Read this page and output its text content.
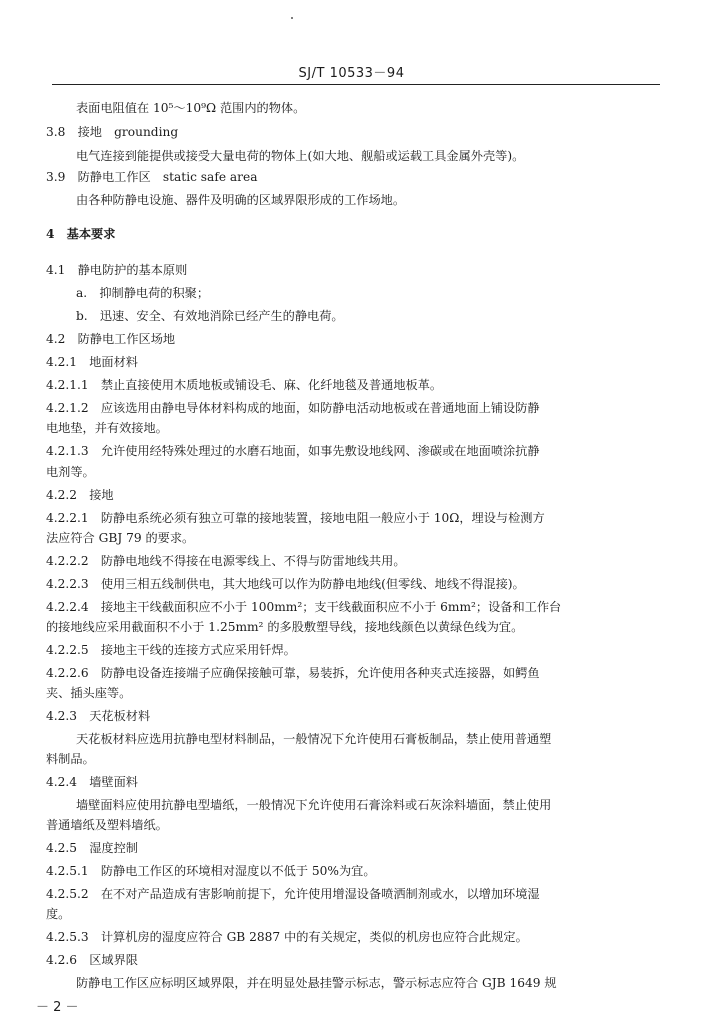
SJ/T 10533－94
表面电阻值在 10⁵～10⁹Ω 范围内的物体。
3.8　接地　grounding
电气连接到能提供或接受大量电荷的物体上(如大地、舰船或运载工具金属外壳等)。
3.9　防静电工作区　static safe area
由各种防静电设施、器件及明确的区域界限形成的工作场地。
4　基本要求
4.1　静电防护的基本原则
a.　抑制静电荷的积聚；
b.　迅速、安全、有效地消除已经产生的静电荷。
4.2　防静电工作区场地
4.2.1　地面材料
4.2.1.1　禁止直接使用木质地板或铺设毛、麻、化纤地毯及普通地板革。
4.2.1.2　应该选用由静电导体材料构成的地面，如防静电活动地板或在普通地面上铺设防静
电地垫，并有效接地。
4.2.1.3　允许使用经特殊处理过的水磨石地面，如事先敷设地线网、渗碳或在地面喷涂抗静
电剂等。
4.2.2　接地
4.2.2.1　防静电系统必须有独立可靠的接地装置，接地电阻一般应小于 10Ω，埋设与检测方
法应符合 GBJ 79 的要求。
4.2.2.2　防静电地线不得接在电源零线上、不得与防雷地线共用。
4.2.2.3　使用三相五线制供电，其大地线可以作为防静电地线(但零线、地线不得混接)。
4.2.2.4　接地主干线截面积应不小于 100mm²；支干线截面积应不小于 6mm²；设备和工作台
的接地线应采用截面积不小于 1.25mm² 的多股敷塑导线，接地线颜色以黄绿色线为宜。
4.2.2.5　接地主干线的连接方式应采用钎焊。
4.2.2.6　防静电设备连接端子应确保接触可靠，易装拆，允许使用各种夹式连接器，如鳄鱼
夹、插头座等。
4.2.3　天花板材料
天花板材料应选用抗静电型材料制品，一般情况下允许使用石膏板制品，禁止使用普通塑
料制品。
4.2.4　墙壁面料
墙壁面料应使用抗静电型墙纸，一般情况下允许使用石膏涂料或石灰涂料墙面，禁止使用
普通墙纸及塑料墙纸。
4.2.5　湿度控制
4.2.5.1　防静电工作区的环境相对湿度以不低于 50%为宜。
4.2.5.2　在不对产品造成有害影响前提下，允许使用增湿设备喷洒制剂或水，以增加环境湿
度。
4.2.5.3　计算机房的湿度应符合 GB 2887 中的有关规定，类似的机房也应符合此规定。
4.2.6　区域界限
防静电工作区应标明区域界限，并在明显处悬挂警示标志，警示标志应符合 GJB 1649 规
－ 2 －
